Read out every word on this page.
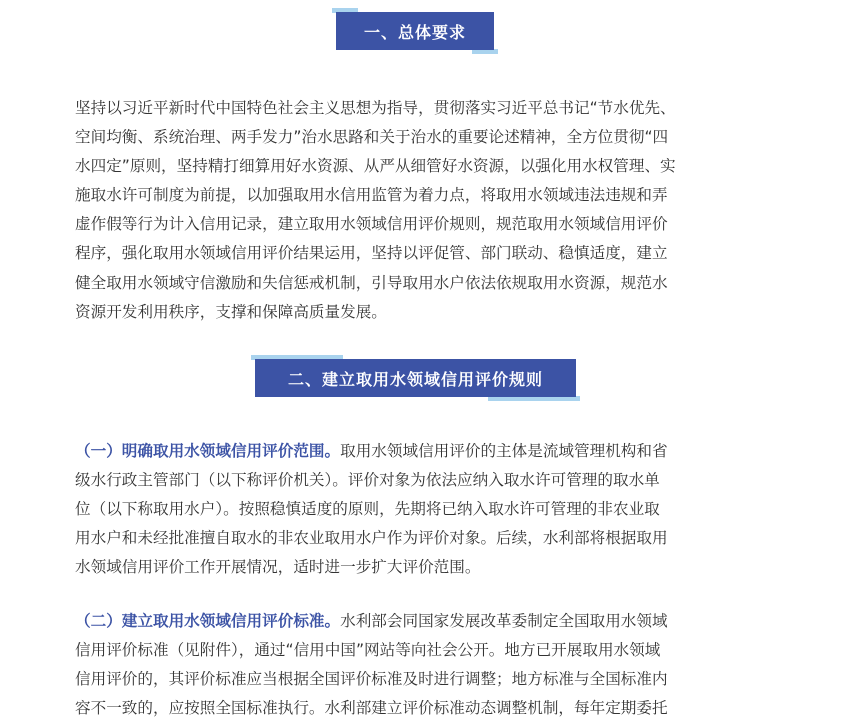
一、总体要求
坚持以习近平新时代中国特色社会主义思想为指导，贯彻落实习近平总书记“节水优先、
空间均衡、系统治理、两手发力”治水思路和关于治水的重要论述精神，全方位贯彻“四
水四定”原则，坚持精打细算用好水资源、从严从细管好水资源，以强化用水权管理、实
施取水许可制度为前提，以加强取用水信用监管为着力点，将取用水领域违法违规和弄
虚作假等行为计入信用记录，建立取用水领域信用评价规则，规范取用水领域信用评价
程序，强化取用水领域信用评价结果运用，坚持以评促管、部门联动、稳慎适度，建立
健全取用水领域守信激励和失信惩戒机制，引导取用水户依法依规取用水资源，规范水
资源开发利用秩序，支撑和保障高质量发展。
二、建立取用水领域信用评价规则
（一）明确取用水领域信用评价范围。取用水领域信用评价的主体是流域管理机构和省
级水行政主管部门（以下称评价机关）。评价对象为依法应纳入取水许可管理的取水单
位（以下称取用水户）。按照稳慎适度的原则，先期将已纳入取水许可管理的非农业取
用水户和未经批准擅自取水的非农业取用水户作为评价对象。后续，水利部将根据取用
水领域信用评价工作开展情况，适时进一步扩大评价范围。
（二）建立取用水领域信用评价标准。水利部会同国家发展改革委制定全国取用水领域
信用评价标准（见附件），通过“信用中国”网站等向社会公开。地方已开展取用水领域
信用评价的，其评价标准应当根据全国评价标准及时进行调整；地方标准与全国标准内
容不一致的，应按照全国标准执行。水利部建立评价标准动态调整机制，每年定期委托
